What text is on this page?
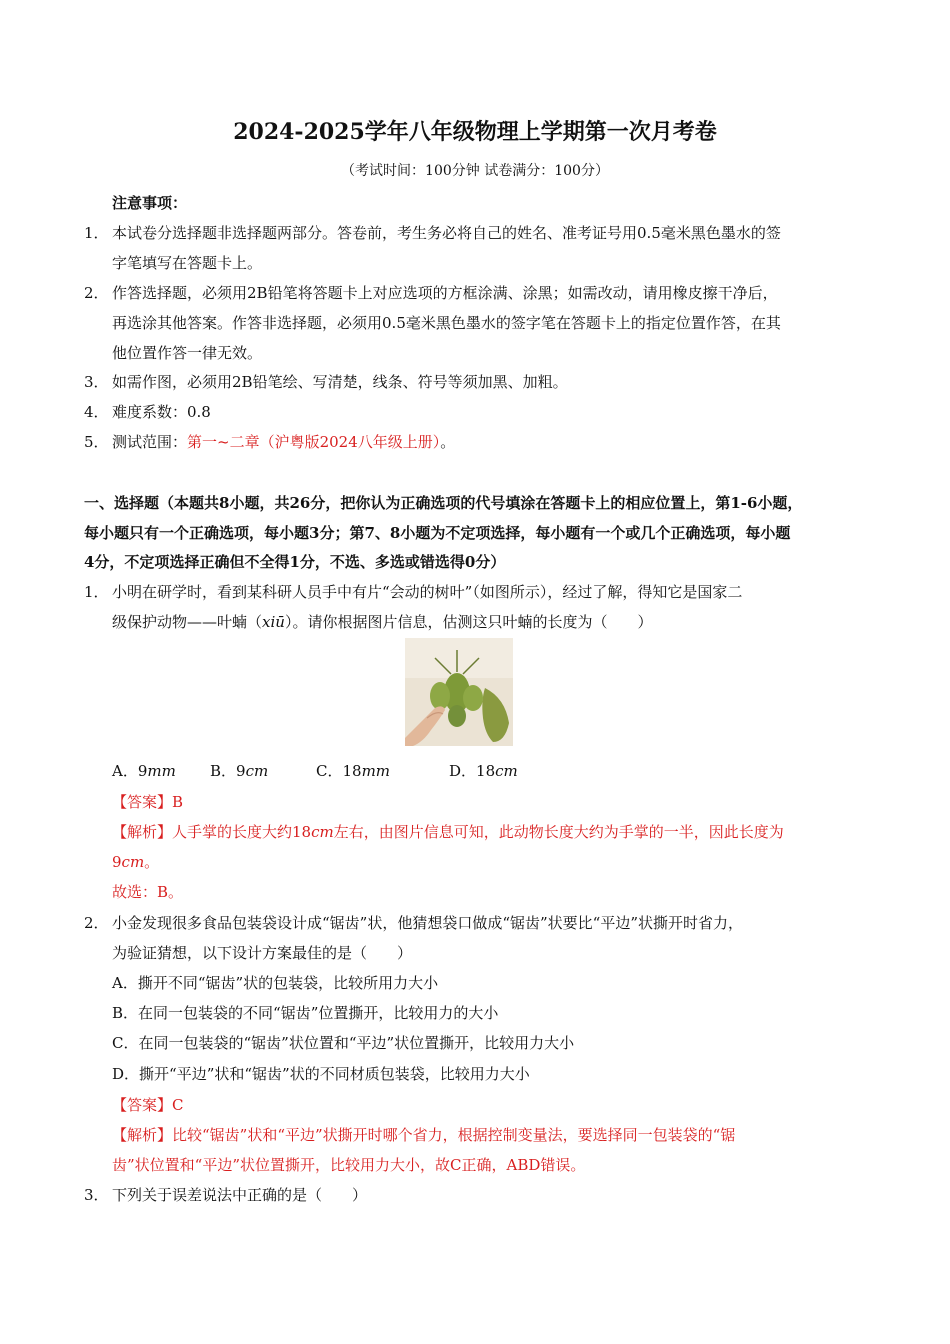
2024-2025学年八年级物理上学期第一次月考卷
（考试时间：100分钟 试卷满分：100分）
注意事项：
1． 本试卷分选择题非选择题两部分。答卷前，考生务必将自己的姓名、准考证号用0.5毫米黑色墨水的签
字笔填写在答题卡上。
2． 作答选择题，必须用2B铅笔将答题卡上对应选项的方框涂满、涂黑；如需改动，请用橡皮擦干净后，
再选涂其他答案。作答非选择题，必须用0.5毫米黑色墨水的签字笔在答题卡上的指定位置作答，在其
他位置作答一律无效。
3． 如需作图，必须用2B铅笔绘、写清楚，线条、符号等须加黑、加粗。
4． 难度系数：0.8
5． 测试范围：第一~二章（沪粤版2024八年级上册）。
一、选择题（本题共8小题，共26分，把你认为正确选项的代号填涂在答题卡上的相应位置上，第1-6小题，
每小题只有一个正确选项，每小题3分；第7、8小题为不定项选择，每小题有一个或几个正确选项，每小题
4分，不定项选择正确但不全得1分，不选、多选或错选得0分）
1． 小明在研学时，看到某科研人员手中有片“会动的树叶”（如图所示），经过了解，得知它是国家二
级保护动物——叶蝻（xiū）。请你根据图片信息，估测这只叶蝻的长度为（　　）
A．9mm B．9cm	C．18mm	D．18cm
【答案】B
【解析】人手掌的长度大约18cm左右，由图片信息可知，此动物长度大约为手掌的一半，因此长度为
9cm。
故选：B。
2． 小金发现很多食品包装袋设计成“锯齿”状，他猜想袋口做成“锯齿”状要比“平边”状撕开时省力，
为验证猜想，以下设计方案最佳的是（　　）
A．撕开不同“锯齿”状的包装袋，比较所用力大小
B．在同一包装袋的不同“锯齿”位置撕开，比较用力的大小
C．在同一包装袋的“锯齿”状位置和“平边”状位置撕开，比较用力大小
D．撕开“平边”状和“锯齿”状的不同材质包装袋，比较用力大小
【答案】C
【解析】比较“锯齿”状和“平边”状撕开时哪个省力，根据控制变量法，要选择同一包装袋的“锯
齿”状位置和“平边”状位置撕开，比较用力大小，故C正确，ABD错误。
3． 下列关于误差说法中正确的是（　　）
